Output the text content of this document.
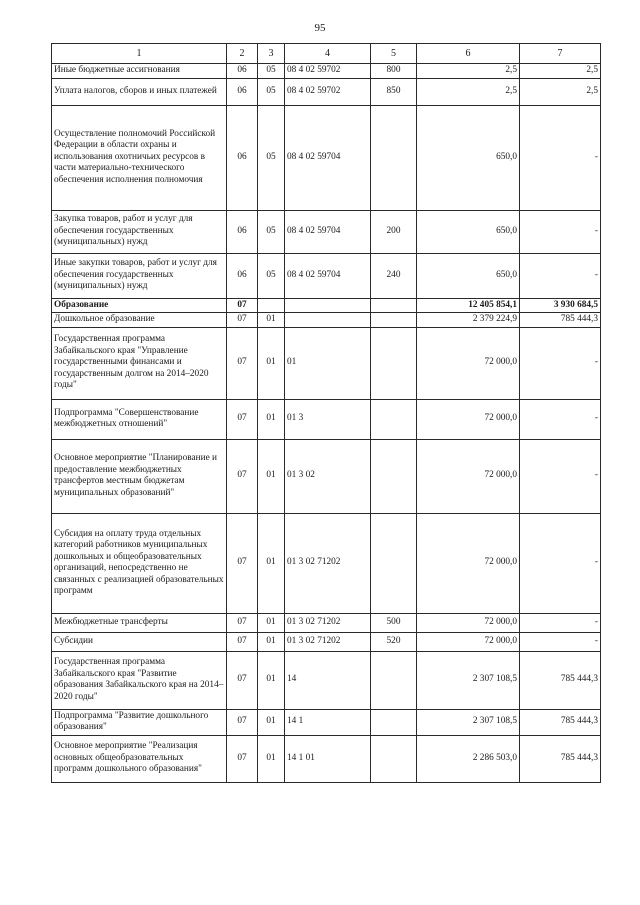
95
1	2	3	4	5	6	7
Иные бюджетные ассигнования	06	05	08 4 02 59702	800	2,5	2,5
Уплата налогов, сборов и иных платежей	06	05	08 4 02 59702	850	2,5	2,5
Осуществление полномочий Российской Федерации в области охраны и использования охотничьих ресурсов в части материально-технического обеспечения исполнения полномочия	06	05	08 4 02 59704		650,0	-
Закупка товаров, работ и услуг для обеспечения государственных (муниципальных) нужд	06	05	08 4 02 59704	200	650,0	-
Иные закупки товаров, работ и услуг для обеспечения государственных (муниципальных) нужд	06	05	08 4 02 59704	240	650,0	-
Образование	07				12 405 854,1	3 930 684,5
Дошкольное образование	07	01			2 379 224,9	785 444,3
Государственная программа Забайкальского края "Управление государственными финансами и государственным долгом на 2014–2020 годы"	07	01	01		72 000,0	-
Подпрограмма "Совершенствование межбюджетных отношений"	07	01	01 3		72 000,0	-
Основное мероприятие "Планирование и предоставление межбюджетных трансфертов местным бюджетам муниципальных образований"	07	01	01 3 02		72 000,0	-
Субсидия на оплату труда отдельных категорий работников муниципальных дошкольных и общеобразовательных организаций, непосредственно не связанных с реализацией образовательных программ	07	01	01 3 02 71202		72 000,0	-
Межбюджетные трансферты	07	01	01 3 02 71202	500	72 000,0	-
Субсидии	07	01	01 3 02 71202	520	72 000,0	-
Государственная программа Забайкальского края "Развитие образования Забайкальского края на 2014–2020 годы"	07	01	14		2 307 108,5	785 444,3
Подпрограмма "Развитие дошкольного образования"	07	01	14 1		2 307 108,5	785 444,3
Основное мероприятие "Реализация основных общеобразовательных программ дошкольного образования"	07	01	14 1 01		2 286 503,0	785 444,3
